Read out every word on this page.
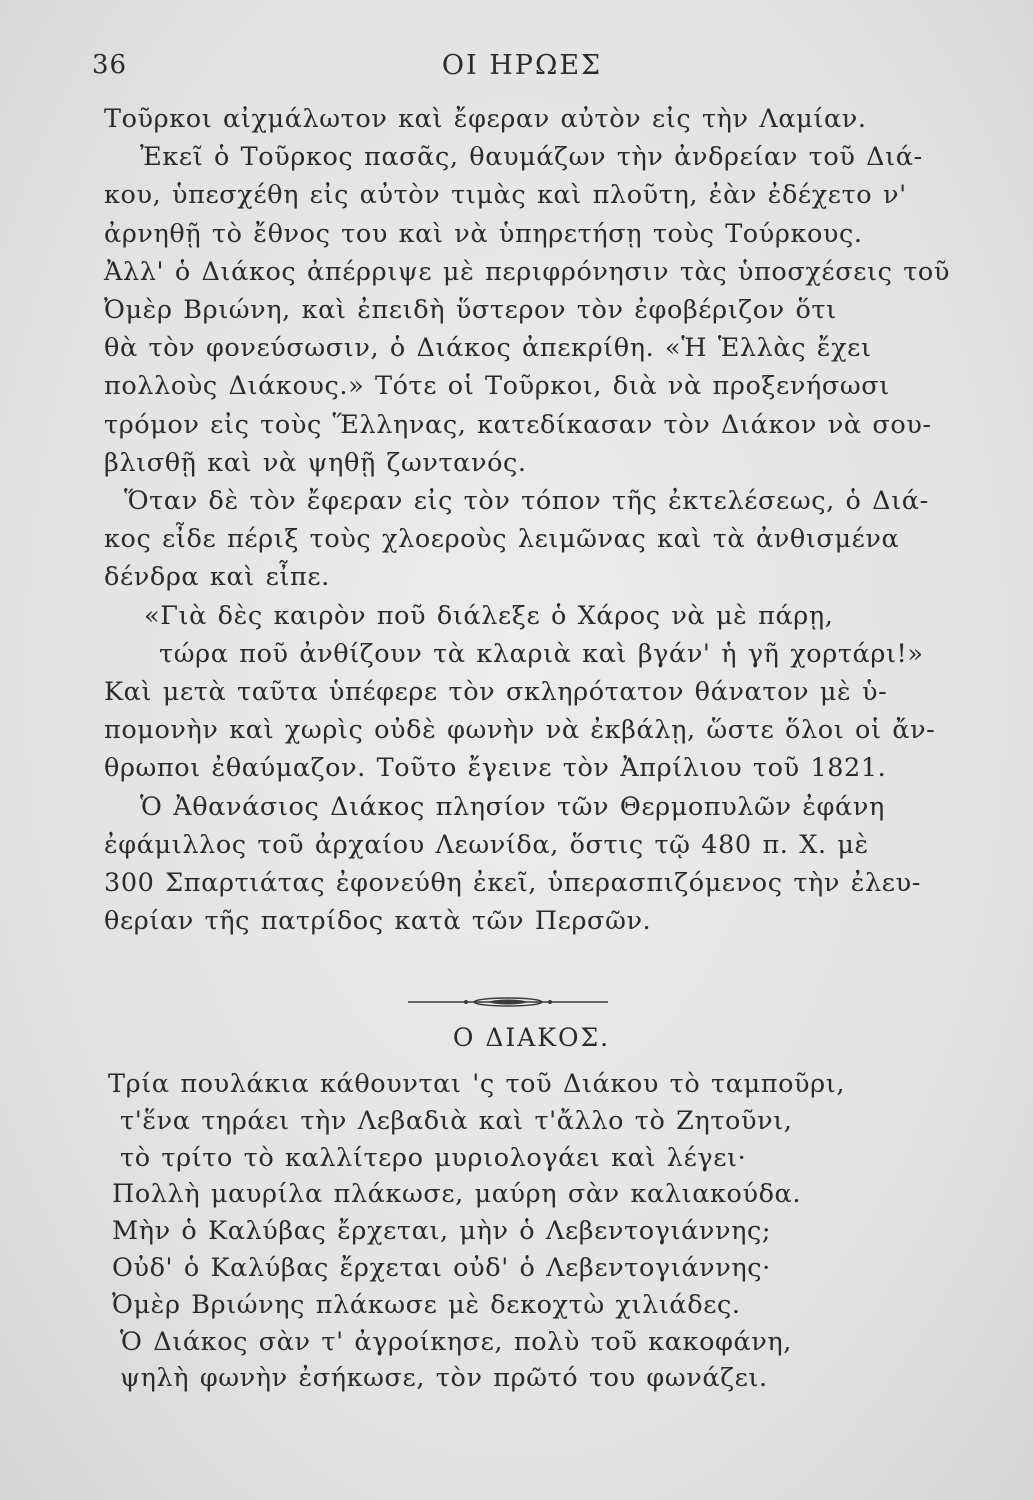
36	ΟΙ ΗΡΩΕΣ
Τοῦρκοι αἰχμάλωτον καὶ ἔφεραν αὐτὸν εἰς τὴν Λαμίαν.
Ἐκεῖ ὁ Τοῦρκος πασᾶς, θαυμάζων τὴν ἀνδρείαν τοῦ Διά-
κου, ὑπεσχέθη εἰς αὐτὸν τιμὰς καὶ πλοῦτη, ἐὰν ἐδέχετο ν'
ἀρνηθῇ τὸ ἔθνος του καὶ νὰ ὑπηρετήσῃ τοὺς Τούρκους.
Ἀλλ' ὁ Διάκος ἀπέρριψε μὲ περιφρόνησιν τὰς ὑποσχέσεις τοῦ
Ὀμὲρ Βριώνη, καὶ ἐπειδὴ ὕστερον τὸν ἐφοβέριζον ὅτι
θὰ τὸν φονεύσωσιν, ὁ Διάκος ἀπεκρίθη. «Ἡ Ἑλλὰς ἔχει
πολλοὺς Διάκους.» Τότε οἱ Τοῦρκοι, διὰ νὰ προξενήσωσι
τρόμον εἰς τοὺς Ἕλληνας, κατεδίκασαν τὸν Διάκον νὰ σου-
βλισθῇ καὶ νὰ ψηθῇ ζωντανός.
Ὅταν δὲ τὸν ἔφεραν εἰς τὸν τόπον τῆς ἐκτελέσεως, ὁ Διά-
κος εἶδε πέριξ τοὺς χλοεροὺς λειμῶνας καὶ τὰ ἀνθισμένα
δένδρα καὶ εἶπε.
«Γιὰ δὲς καιρὸν ποῦ διάλεξε ὁ Χάρος νὰ μὲ πάρῃ,
τώρα ποῦ ἀνθίζουν τὰ κλαριὰ καὶ βγάν' ἡ γῆ χορτάρι!»
Καὶ μετὰ ταῦτα ὑπέφερε τὸν σκληρότατον θάνατον μὲ ὑ-
πομονὴν καὶ χωρὶς οὐδὲ φωνὴν νὰ ἐκβάλῃ, ὥστε ὅλοι οἱ ἄν-
θρωποι ἐθαύμαζον. Τοῦτο ἔγεινε τὸν Ἀπρίλιου τοῦ 1821.
Ὁ Ἀθανάσιος Διάκος πλησίον τῶν Θερμοπυλῶν ἐφάνη
ἐφάμιλλος τοῦ ἀρχαίου Λεωνίδα, ὅστις τῷ 480 π. Χ. μὲ
300 Σπαρτιάτας ἐφονεύθη ἐκεῖ, ὑπερασπιζόμενος τὴν ἐλευ-
θερίαν τῆς πατρίδος κατὰ τῶν Περσῶν.
Ο ΔΙΑΚΟΣ.
Τρία πουλάκια κάθουνται 'ς τοῦ Διάκου τὸ ταμποῦρι,
τ'ἕνα τηράει τὴν Λεβαδιὰ καὶ τ'ἄλλο τὸ Ζητοῦνι,
τὸ τρίτο τὸ καλλίτερο μυριολογάει καὶ λέγει·
Πολλὴ μαυρίλα πλάκωσε, μαύρη σὰν καλιακούδα.
Μὴν ὁ Καλύβας ἔρχεται, μὴν ὁ Λεβεντογιάννης;
Οὐδ' ὁ Καλύβας ἔρχεται οὐδ' ὁ Λεβεντογιάννης·
Ὀμὲρ Βριώνης πλάκωσε μὲ δεκοχτὼ χιλιάδες.
Ὁ Διάκος σὰν τ' ἀγροίκησε, πολὺ τοῦ κακοφάνη,
ψηλὴ φωνὴν ἐσήκωσε, τὸν πρῶτό του φωνάζει.
